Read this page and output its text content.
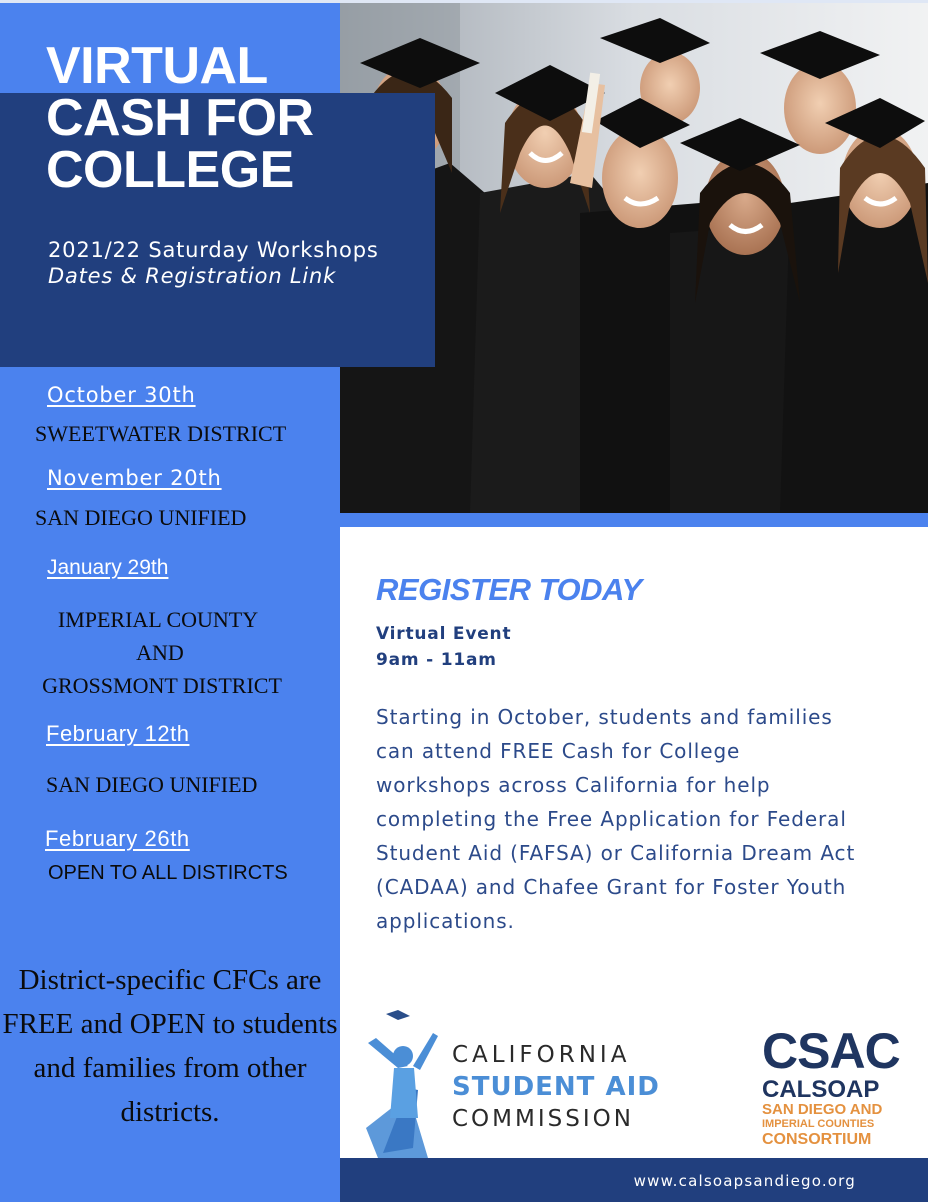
VIRTUAL
CASH FOR
COLLEGE
2021/22 Saturday Workshops
Dates & Registration Link
October 30th
SWEETWATER DISTRICT
November 20th
SAN DIEGO UNIFIED
January 29th
IMPERIAL COUNTY
AND
GROSSMONT DISTRICT
February 12th
SAN DIEGO UNIFIED
February 26th
OPEN TO ALL DISTIRCTS
District-specific CFCs are FREE and OPEN to students and families from other districts.
REGISTER TODAY
Virtual Event
9am - 11am

Starting in October, students and families can attend FREE Cash for College workshops across California for help completing the Free Application for Federal Student Aid (FAFSA) or California Dream Act (CADAA) and Chafee Grant for Foster Youth applications.

CALIFORNIA
STUDENT AID
COMMISSION
CSAC
CALSOAP
SAN DIEGO AND
IMPERIAL COUNTIES
CONSORTIUM
www.calsoapsandiego.org
